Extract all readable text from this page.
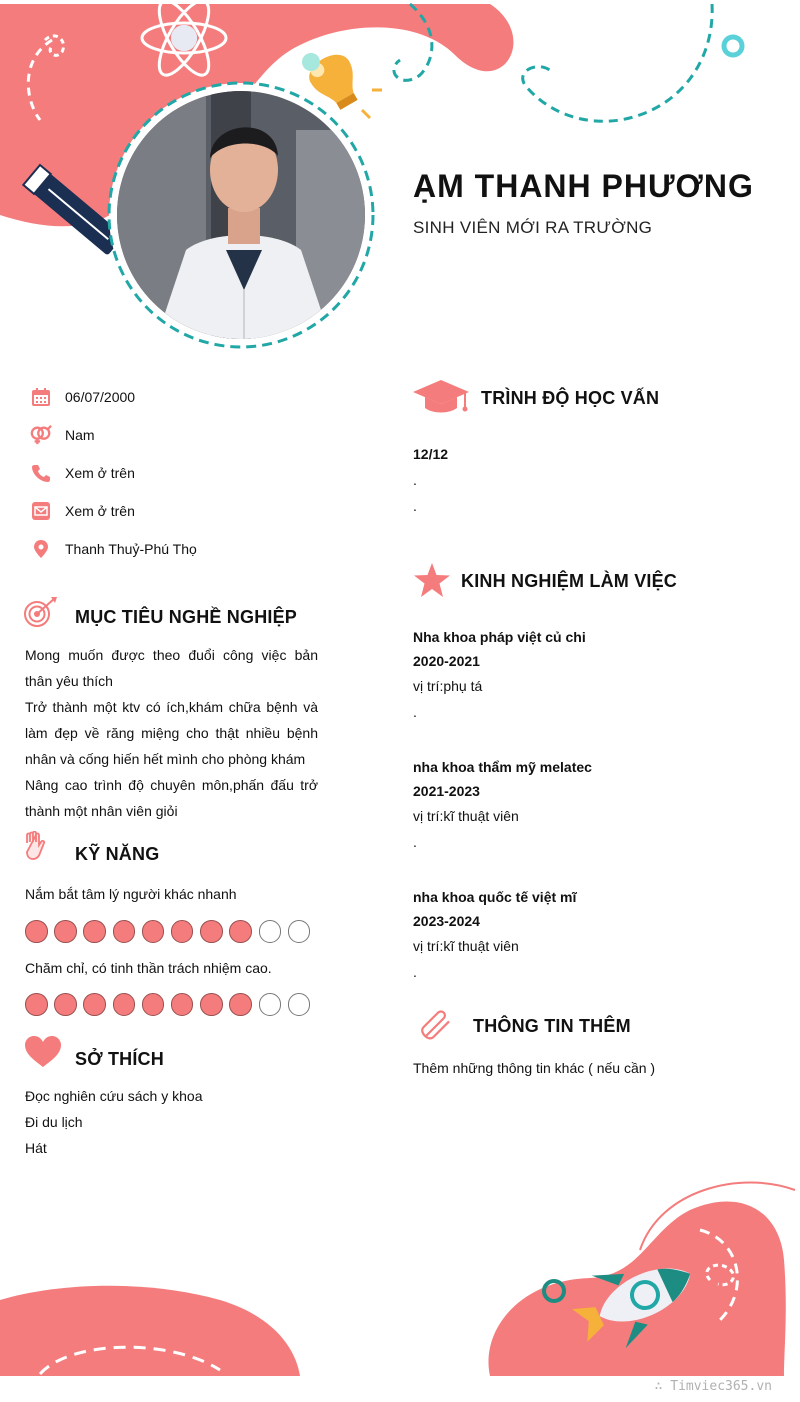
ẠM THANH PHƯƠNG
SINH VIÊN MỚI RA TRƯỜNG
06/07/2000
Nam
Xem ở trên
Xem ở trên
Thanh Thuỷ-Phú Thọ
MỤC TIÊU NGHỀ NGHIỆP
Mong muốn được theo đuổi công việc bản thân yêu thích
Trở thành một ktv có ích,khám chữa bệnh và làm đẹp về răng miệng cho thật nhiều bệnh nhân và cống hiến hết mình cho phòng khám
Nâng cao trình độ chuyên môn,phấn đấu trở thành một nhân viên giỏi
KỸ NĂNG
Nắm bắt tâm lý người khác nhanh
Chăm chỉ, có tinh thần trách nhiệm cao.
SỞ THÍCH
Đọc nghiên cứu sách y khoa
Đi du lịch
Hát
TRÌNH ĐỘ HỌC VẤN
12/12
.
.
KINH NGHIỆM LÀM VIỆC
Nha khoa pháp việt củ chi
2020-2021
vị trí:phụ tá
.
nha khoa thẩm mỹ melatec
2021-2023
vị trí:kĩ thuật viên
.
nha khoa quốc tế việt mĩ
2023-2024
vị trí:kĩ thuật viên
.
THÔNG TIN THÊM
Thêm những thông tin khác ( nếu cần )
∴ Timviec365.vn
